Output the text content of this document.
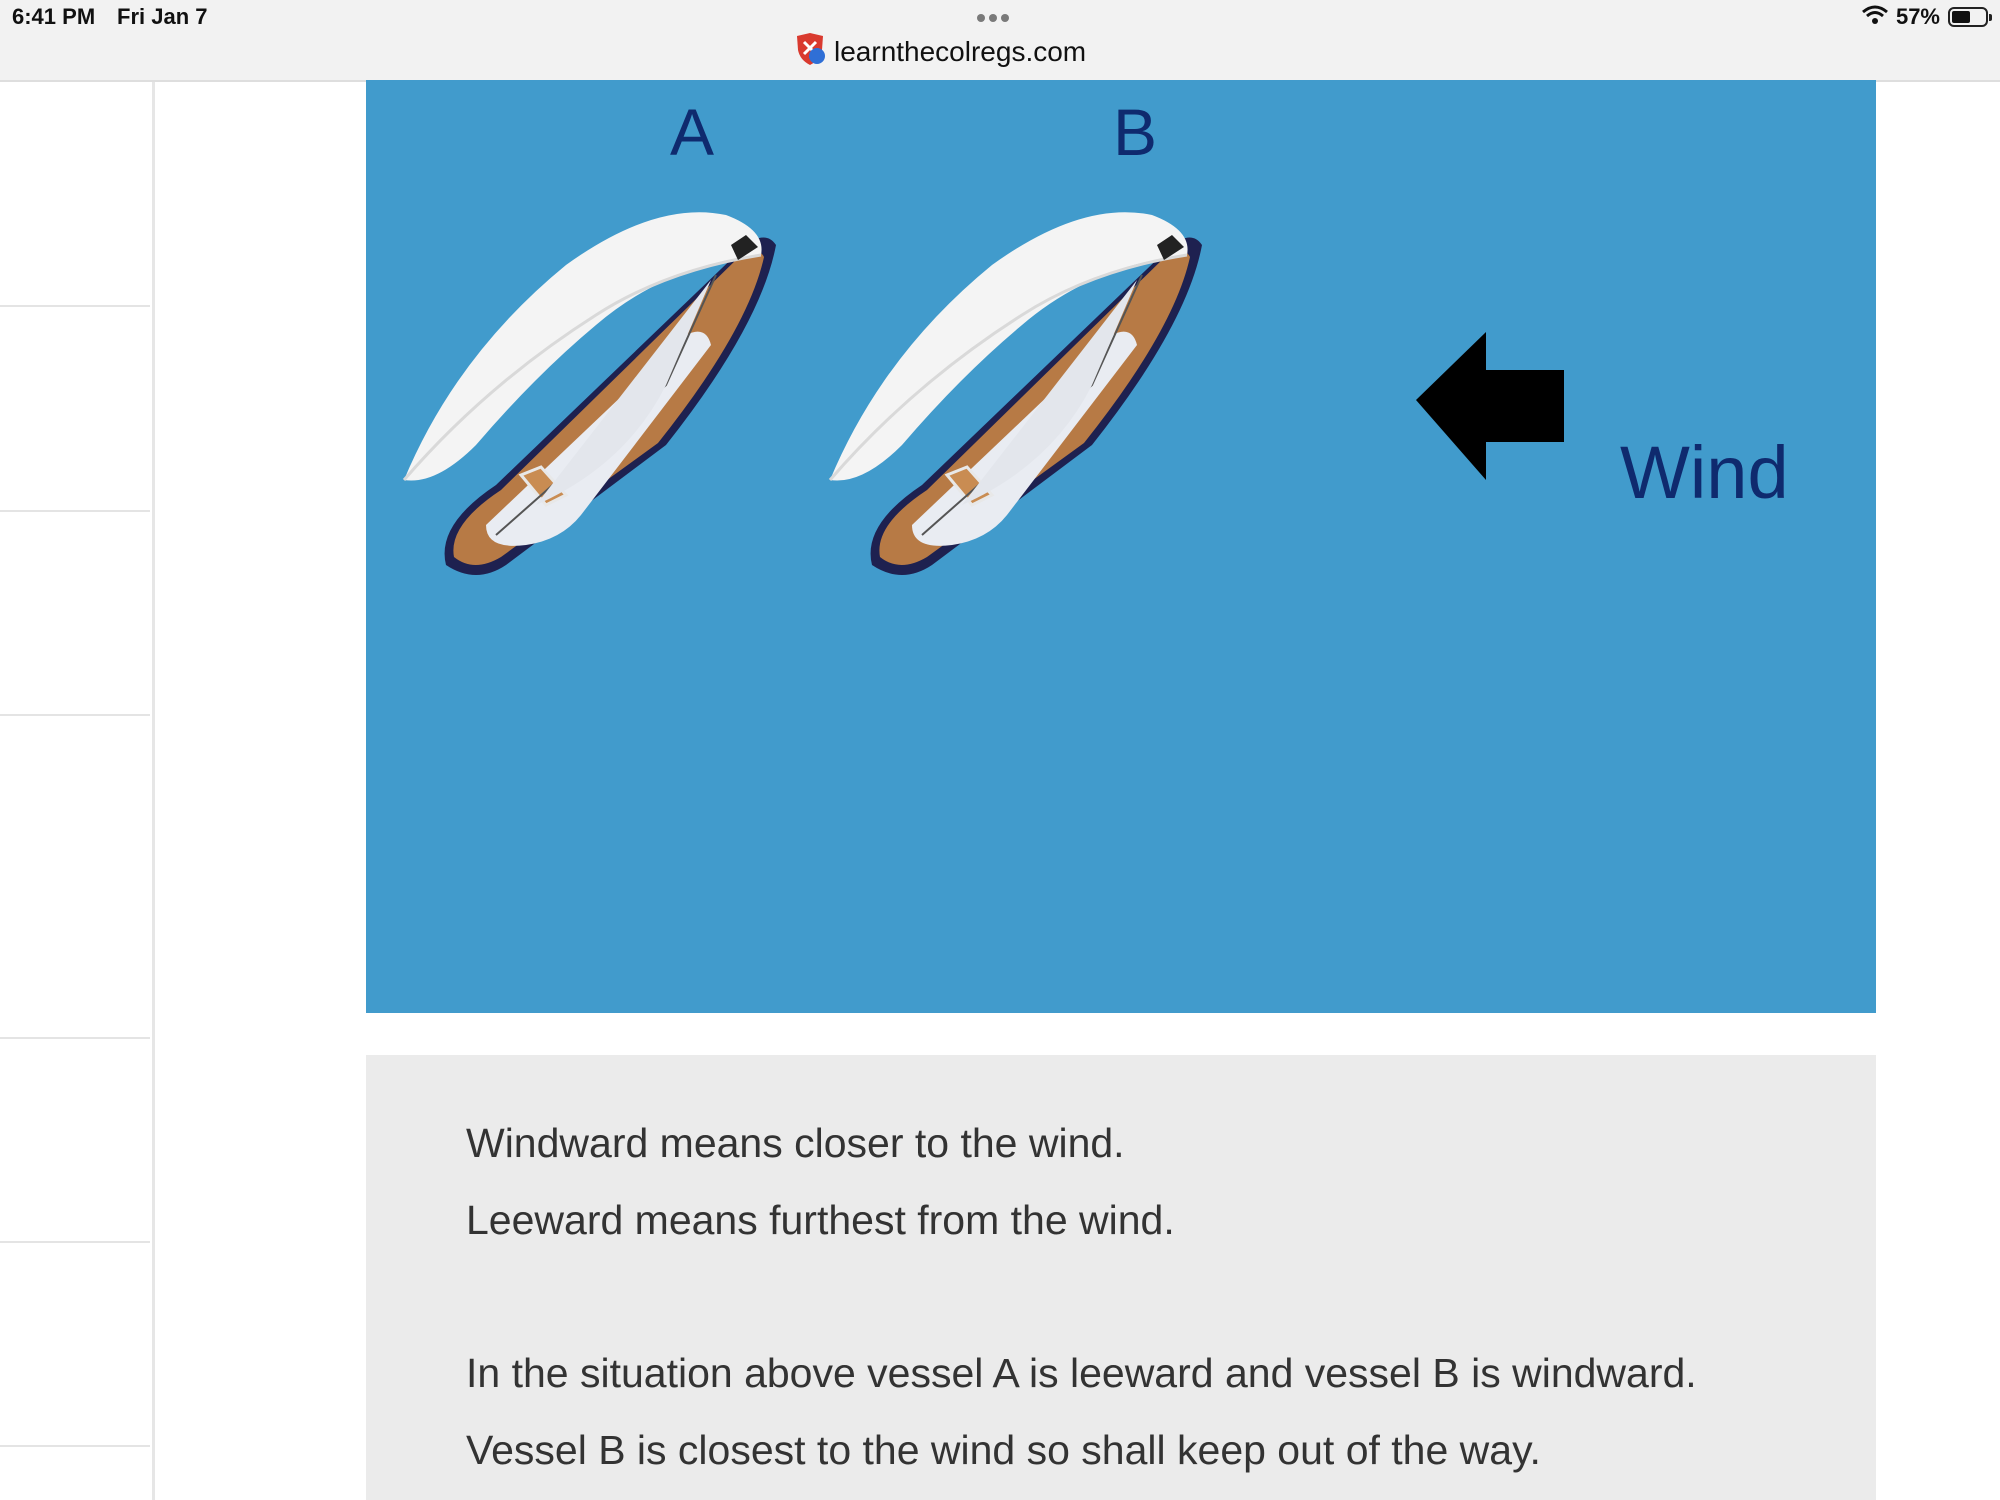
6:41 PM Fri Jan 7
learnthecolregs.com
57%
A	B
Wind
Windward means closer to the wind.
Leeward means furthest from the wind.
In the situation above vessel A is leeward and vessel B is windward.
Vessel B is closest to the wind so shall keep out of the way.
